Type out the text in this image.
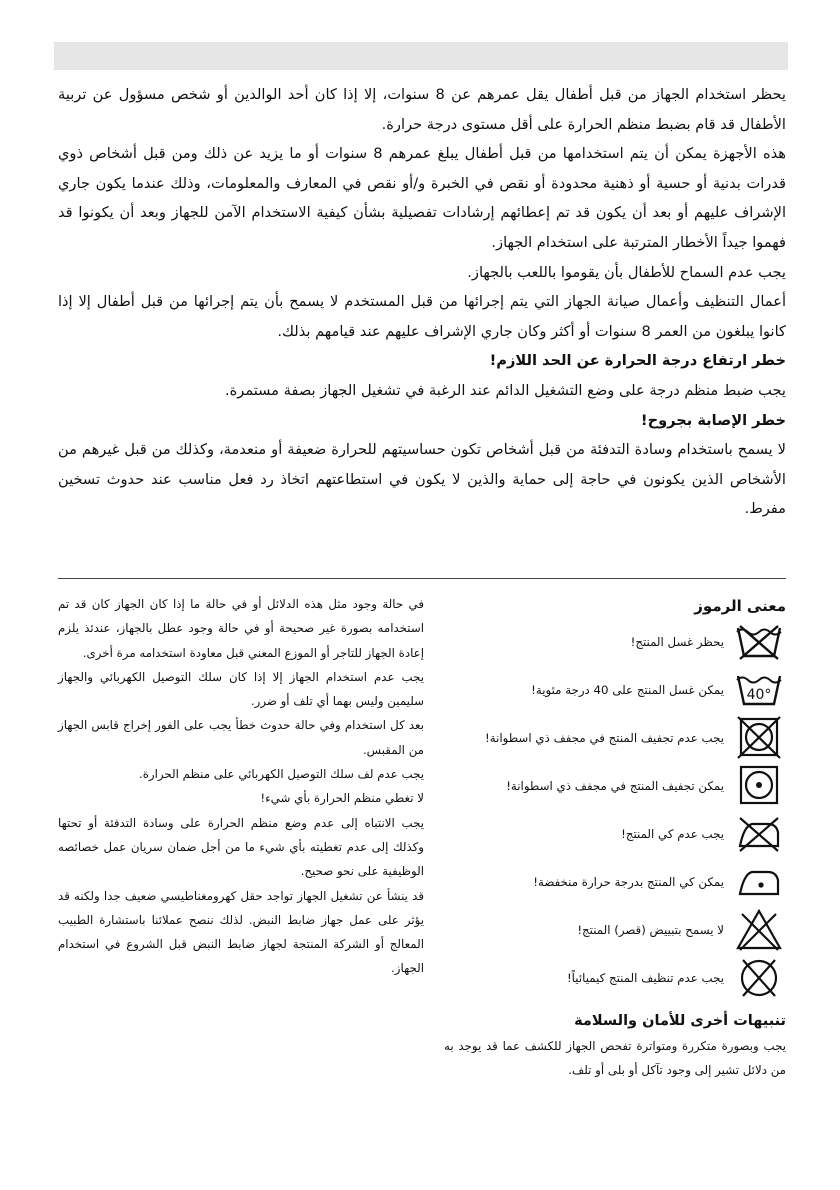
يحظر استخدام الجهاز من قبل أطفال يقل عمرهم عن 8 سنوات، إلا إذا كان أحد الوالدين أو شخص مسؤول عن تربية الأطفال قد قام بضبط منظم الحرارة على أقل مستوى درجة حرارة.

هذه الأجهزة يمكن أن يتم استخدامها من قبل أطفال يبلغ عمرهم 8 سنوات أو ما يزيد عن ذلك ومن قبل أشخاص ذوي قدرات بدنية أو حسية أو ذهنية محدودة أو نقص في الخبرة و/أو نقص في المعارف والمعلومات، وذلك عندما يكون جاري الإشراف عليهم أو بعد أن يكون قد تم إعطائهم إرشادات تفصيلية بشأن كيفية الاستخدام الآمن للجهاز وبعد أن يكونوا قد فهموا جيداً الأخطار المترتبة على استخدام الجهاز.

يجب عدم السماح للأطفال بأن يقوموا باللعب بالجهاز.

أعمال التنظيف وأعمال صيانة الجهاز التي يتم إجرائها من قبل المستخدم لا يسمح بأن يتم إجرائها من قبل أطفال إلا إذا كانوا يبلغون من العمر 8 سنوات أو أكثر وكان جاري الإشراف عليهم عند قيامهم بذلك.

خطر ارتفاع درجة الحرارة عن الحد اللازم!

يجب ضبط منظم درجة على وضع التشغيل الدائم عند الرغبة في تشغيل الجهاز بصفة مستمرة.

خطر الإصابة بجروح!

لا يسمح باستخدام وسادة التدفئة من قبل أشخاص تكون حساسيتهم للحرارة ضعيفة أو منعدمة، وكذلك من قبل غيرهم من الأشخاص الذين يكونون في حاجة إلى حماية والذين لا يكون في استطاعتهم اتخاذ رد فعل مناسب عند حدوث تسخين مفرط.

معنى الرموز

يحظر غسل المنتج!
40°
يمكن غسل المنتج على 40 درجة مئوية!
يجب عدم تجفيف المنتج في مجفف ذي اسطوانة!
يمكن تجفيف المنتج في مجفف ذي اسطوانة!
يجب عدم كي المنتج!
يمكن كي المنتج بدرجة حرارة منخفضة!
لا يسمح بتبييض (قصر) المنتج!
يجب عدم تنظيف المنتج كيميائياً!

تنبيهات أخرى للأمان والسلامة

يجب وبصورة متكررة ومتواترة تفحص الجهاز للكشف عما قد يوجد به من دلائل تشير إلى وجود تآكل أو بلى أو تلف.

في حالة وجود مثل هذه الدلائل أو في حالة ما إذا كان الجهاز كان قد تم استخدامه بصورة غير صحيحة أو في حالة وجود عطل بالجهاز، عندئذ يلزم إعادة الجهاز للتاجر أو الموزع المعني قبل معاودة استخدامه مرة أخرى.

يجب عدم استخدام الجهاز إلا إذا كان سلك التوصيل الكهربائي والجهاز سليمين وليس بهما أي تلف أو ضرر.

بعد كل استخدام وفي حالة حدوث خطأ يجب على الفور إخراج قابس الجهاز من المقبس.

يجب عدم لف سلك التوصيل الكهربائي على منظم الحرارة.

لا تغطي منظم الحرارة بأي شيء!

يجب الانتباه إلى عدم وضع منظم الحرارة على وسادة التدفئة أو تحتها وكذلك إلى عدم تغطيته بأي شيء ما من أجل ضمان سريان عمل خصائصه الوظيفية على نحو صحيح.

قد ينشأ عن تشغيل الجهاز تواجد حقل كهرومغناطيسي ضعيف جدا ولكنه قد يؤثر على عمل جهاز ضابط النبض. لذلك ننصح عملائنا باستشارة الطبيب المعالج أو الشركة المنتجة لجهاز ضابط النبض قبل الشروع في استخدام الجهاز.
